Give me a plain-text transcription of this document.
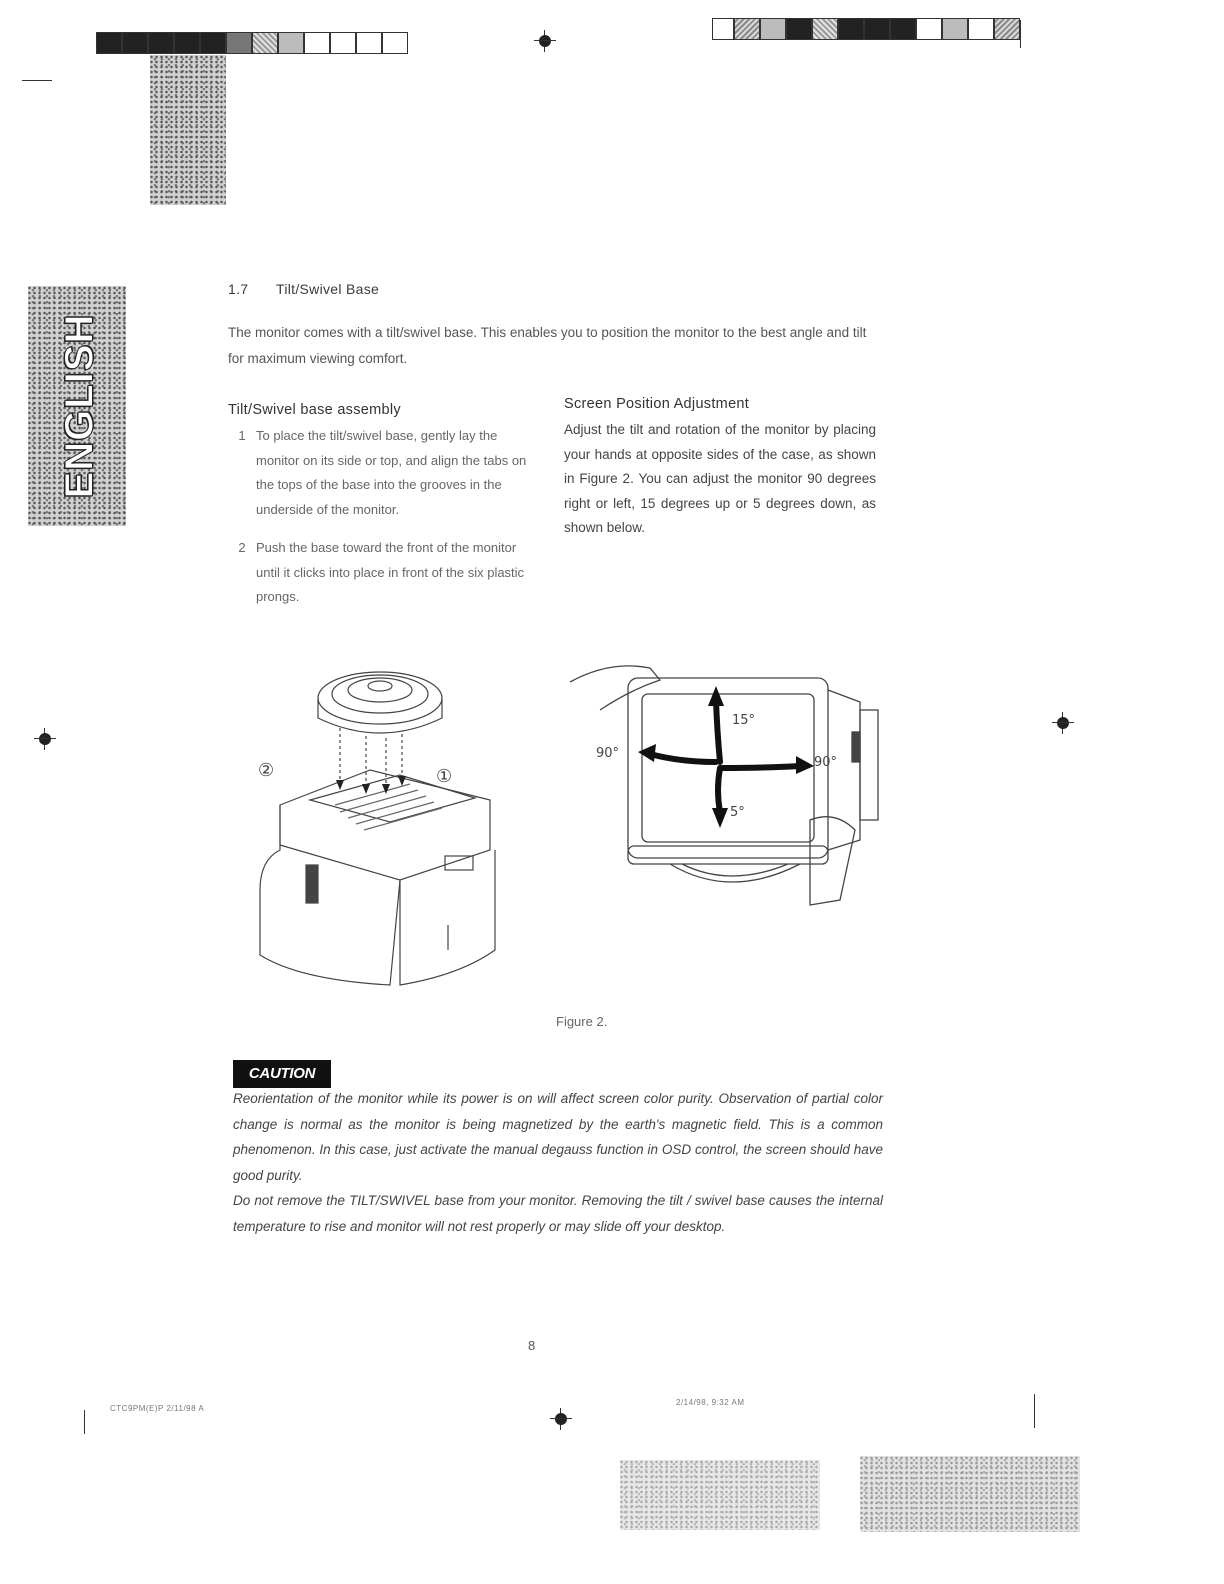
ENGLISH
1.7 Tilt/Swivel Base
The monitor comes with a tilt/swivel base. This enables you to position the monitor to the best angle and tilt for maximum viewing comfort.
Tilt/Swivel base assembly
1 To place the tilt/swivel base, gently lay the monitor on its side or top, and align the tabs on the tops of the base into the grooves in the underside of the monitor.
2 Push the base toward the front of the monitor until it clicks into place in front of the six plastic prongs.
Screen Position Adjustment
Adjust the tilt and rotation of the monitor by placing your hands at opposite sides of the case, as shown in Figure 2. You can adjust the monitor 90 degrees right or left, 15 degrees up or 5 degrees down, as shown below.
②	①
15°
5°
90°
90°
Figure 2.
CAUTION

Reorientation of the monitor while its power is on will affect screen color purity. Observation of partial color change is normal as the monitor is being magnetized by the earth's magnetic field. This is a common phenomenon. In this case, just activate the manual degauss function in OSD control, the screen should have good purity.

Do not remove the TILT/SWIVEL base from your monitor. Removing the tilt / swivel base causes the internal temperature to rise and monitor will not rest properly or may slide off your desktop.

8
CTC9PM(E)P 2/11/98 A
2/14/98, 9:32 AM
